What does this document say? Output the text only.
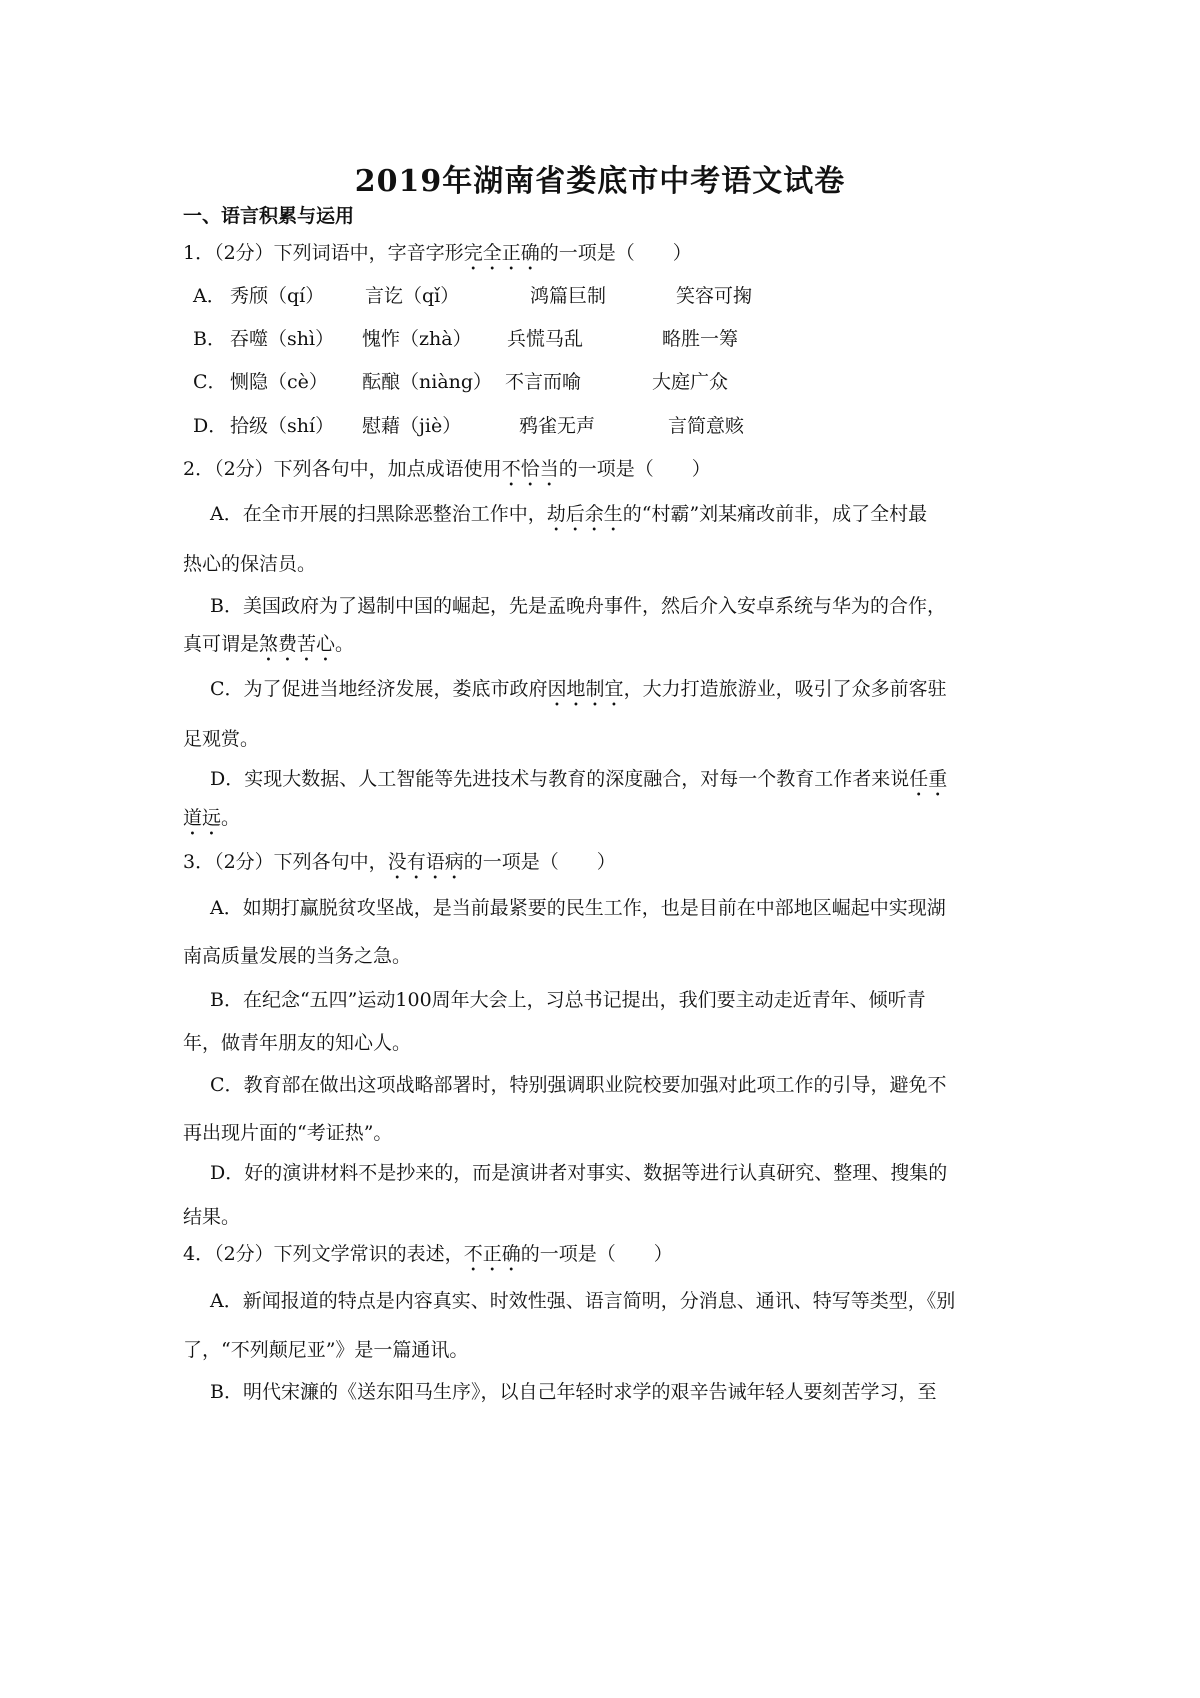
2019年湖南省娄底市中考语文试卷
一、语言积累与运用
1．（2分）下列词语中，字音字形完全正确的一项是（　　）
A． 秀颀（qí） 言讫（qǐ）	鸿篇巨制	笑容可掬
B． 吞噬（shì） 愧怍（zhà） 兵慌马乱	略胜一筹
C． 恻隐（cè） 酝酿（niàng） 不言而喻	大庭广众
D． 拾级（shí） 慰藉（jiè）	鸦雀无声	言简意赅
2．（2分）下列各句中，加点成语使用不恰当的一项是（　　）
A．在全市开展的扫黑除恶整治工作中，劫后余生的“村霸”刘某痛改前非，成了全村最
热心的保洁员。
B．美国政府为了遏制中国的崛起，先是孟晚舟事件，然后介入安卓系统与华为的合作，
真可谓是煞费苦心。
C．为了促进当地经济发展，娄底市政府因地制宜，大力打造旅游业，吸引了众多前客驻
足观赏。
D．实现大数据、人工智能等先进技术与教育的深度融合，对每一个教育工作者来说任重
道远。
3．（2分）下列各句中，没有语病的一项是（　　）
A．如期打赢脱贫攻坚战，是当前最紧要的民生工作，也是目前在中部地区崛起中实现湖
南高质量发展的当务之急。
B．在纪念“五四”运动100周年大会上，习总书记提出，我们要主动走近青年、倾听青
年，做青年朋友的知心人。
C．教育部在做出这项战略部署时，特别强调职业院校要加强对此项工作的引导，避免不
再出现片面的“考证热”。
D．好的演讲材料不是抄来的，而是演讲者对事实、数据等进行认真研究、整理、搜集的
结果。
4．（2分）下列文学常识的表述，不正确的一项是（　　）
A．新闻报道的特点是内容真实、时效性强、语言简明，分消息、通讯、特写等类型，《别
了，“不列颠尼亚”》是一篇通讯。
B．明代宋濂的《送东阳马生序》，以自己年轻时求学的艰辛告诫年轻人要刻苦学习，至
